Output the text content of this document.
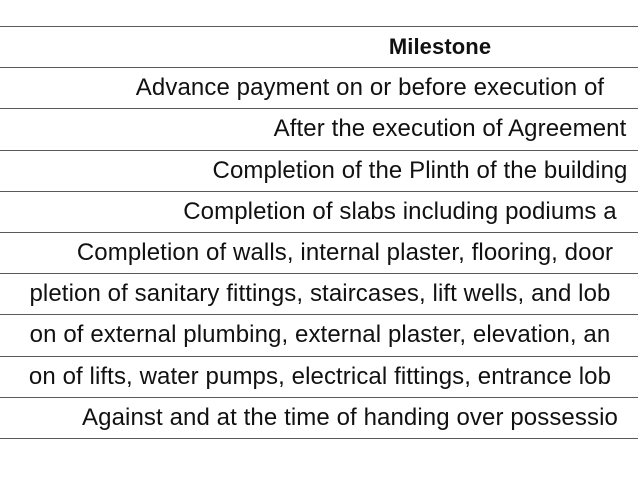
Milestone
Advance payment on or before execution of
After the execution of Agreement
Completion of the Plinth of the building
Completion of slabs including podiums a
Completion of walls, internal plaster, flooring, door
pletion of sanitary fittings, staircases, lift wells, and lob
on of external plumbing, external plaster, elevation, an
on of lifts, water pumps, electrical fittings, entrance lob
Against and at the time of handing over possessio
